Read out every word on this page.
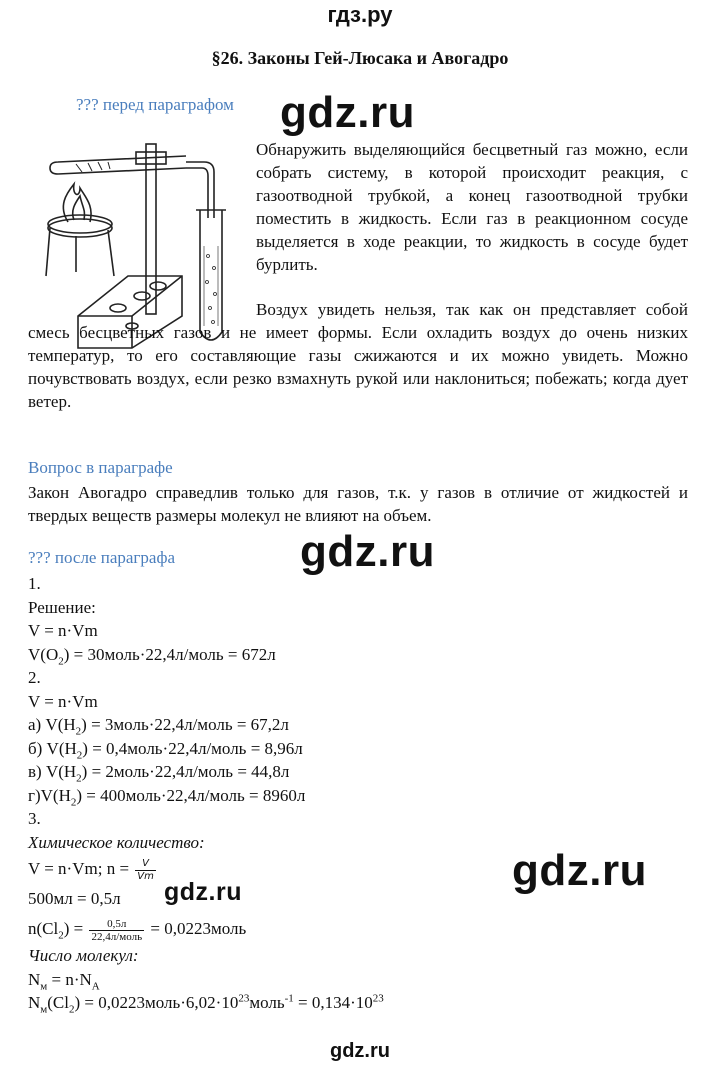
гдз.ру
§26. Законы Гей-Люсака и Авогадро
??? перед параграфом gdz.ru

Обнаружить выделяющийся бесцветный газ можно, если собрать систему, в которой происходит реакция, с газоотводной трубкой, а конец газоотводной трубки поместить в жидкость. Если газ в реакционном сосуде выделяется в ходе реакции, то жидкость в сосуде будет бурлить.

Воздух увидеть нельзя, так как он представляет собой смесь бесцветных газов и не имеет формы. Если охладить воздух до очень низких температур, то его составляющие газы сжижаются и их можно увидеть. Можно почувствовать воздух, если резко взмахнуть рукой или наклониться; побежать; когда дует ветер.

Вопрос в параграфе

Закон Авогадро справедлив только для газов, т.к. у газов в отличие от жидкостей и твердых веществ размеры молекул не влияют на объем.

gdz.ru
??? после параграфа
1.
Решение:
V = n·Vm
$V(O_2)$ = 30моль·22,4л/моль = 672л
2.
V = n·Vm
а) $V(H_2)$ = 3моль·22,4л/моль = 67,2л
б) $V(H_2)$ = 0,4моль·22,4л/моль = 8,96л
в) $V(H_2)$ = 2моль·22,4л/моль = 44,8л
$г)V(H_2)$ = 400моль·22,4л/моль = 8960л
3.
Химическое количество:
V = n·Vm; $n = \frac{V}{Vm}$
500мл = 0,5л
$n(Cl_2) = \frac{0,5л}{\text{22,4л/моль}}$ = 0,0223моль
Число молекул:
$N_м = n\cdot N_А$
$N_м(Cl_2)$ = $0,0223моль\cdot 6,02\cdot 10^{23}моль^{-1} = 0,134\cdot 10^{23}$
gdz.ru
gdz.ru
gdz.ru
